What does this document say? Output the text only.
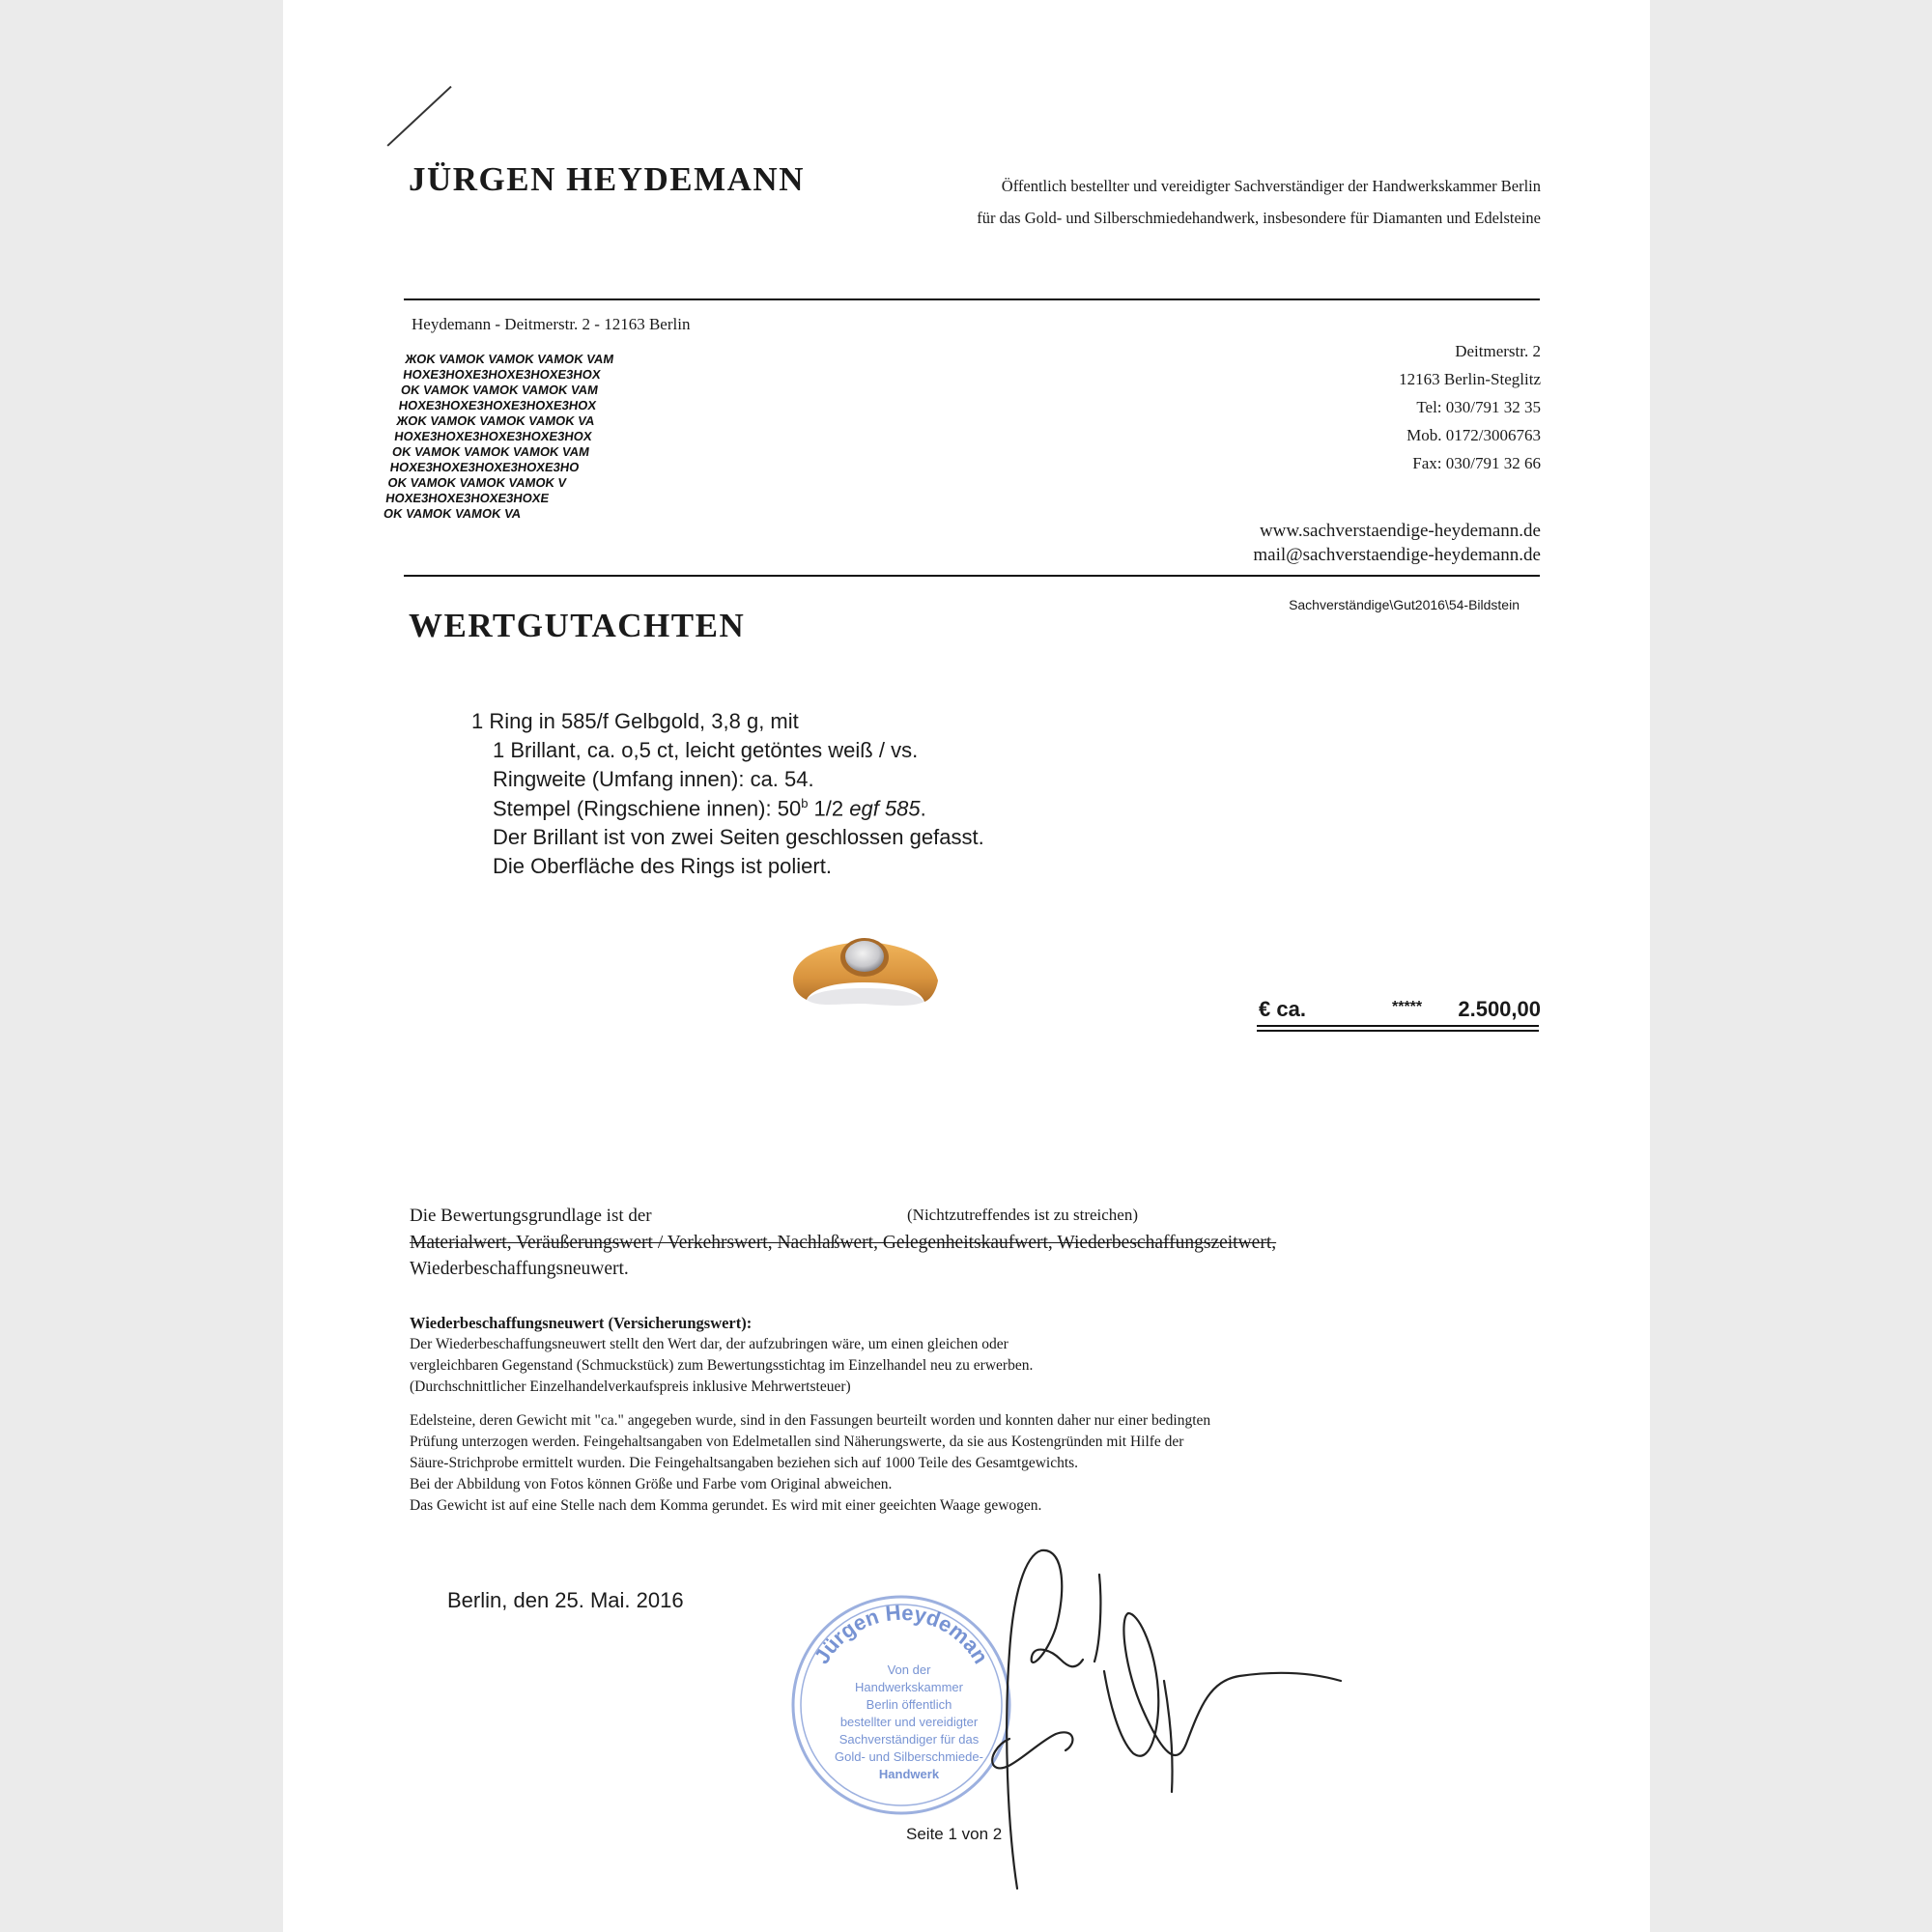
JÜRGEN HEYDEMANN	Öffentlich bestellter und vereidigter Sachverständiger der Handwerkskammer Berlin
für das Gold- und Silberschmiedehandwerk, insbesondere für Diamanten und Edelsteine
Heydemann - Deitmerstr. 2 - 12163 Berlin
ЖOK VAMOK VAMOK VAMOK VAM
HOXE3HOXE3HOXE3HOXE3HOX
OK VAMOK VAMOK VAMOK VAM
HOXE3HOXE3HOXE3HOXE3HOX
ЖOK VAMOK VAMOK VAMOK VA
HOXE3HOXE3HOXE3HOXE3HOX
OK VAMOK VAMOK VAMOK VAM
HOXE3HOXE3HOXE3HOXE3HO
OK VAMOK VAMOK VAMOK V
HOXE3HOXE3HOXE3HOXE
OK VAMOK VAMOK VA
Deitmerstr. 2
12163 Berlin-Steglitz
Tel: 030/791 32 35
Mob. 0172/3006763
Fax: 030/791 32 66
www.sachverstaendige-heydemann.de
mail@sachverstaendige-heydemann.de
Sachverständige\Gut2016\54-Bildstein
WERTGUTACHTEN
1 Ring in 585/f Gelbgold, 3,8 g, mit
1 Brillant, ca. o,5 ct, leicht getöntes weiß / vs.
Ringweite (Umfang innen): ca. 54.
Stempel (Ringschiene innen): 50$^b$ 1/2 egf 585.
Der Brillant ist von zwei Seiten geschlossen gefasst.
Die Oberfläche des Rings ist poliert.
€ ca.	***** 2.500,00
Die Bewertungsgrundlage ist der	(Nichtzutreffendes ist zu streichen)
Materialwert, Veräußerungswert / Verkehrswert, Nachlaßwert, Gelegenheitskaufwert, Wiederbeschaffungszeitwert,
Wiederbeschaffungsneuwert.
Wiederbeschaffungsneuwert (Versicherungswert):
Der Wiederbeschaffungsneuwert stellt den Wert dar, der aufzubringen wäre, um einen gleichen oder
vergleichbaren Gegenstand (Schmuckstück) zum Bewertungsstichtag im Einzelhandel neu zu erwerben.
(Durchschnittlicher Einzelhandelverkaufspreis inklusive Mehrwertsteuer)
Edelsteine, deren Gewicht mit "ca." angegeben wurde, sind in den Fassungen beurteilt worden und konnten daher nur einer bedingten
Prüfung unterzogen werden. Feingehaltsangaben von Edelmetallen sind Näherungswerte, da sie aus Kostengründen mit Hilfe der
Säure-Strichprobe ermittelt wurden. Die Feingehaltsangaben beziehen sich auf 1000 Teile des Gesamtgewichts.
Bei der Abbildung von Fotos können Größe und Farbe vom Original abweichen.
Das Gewicht ist auf eine Stelle nach dem Komma gerundet. Es wird mit einer geeichten Waage gewogen.
Berlin, den 25. Mai. 2016
Jürgen Heydeman
Von der
Handwerkskammer
Berlin öffentlich
bestellter und vereidigter
Sachverständiger für das
Gold- und Silberschmiede-
Handwerk
Seite 1 von 2
